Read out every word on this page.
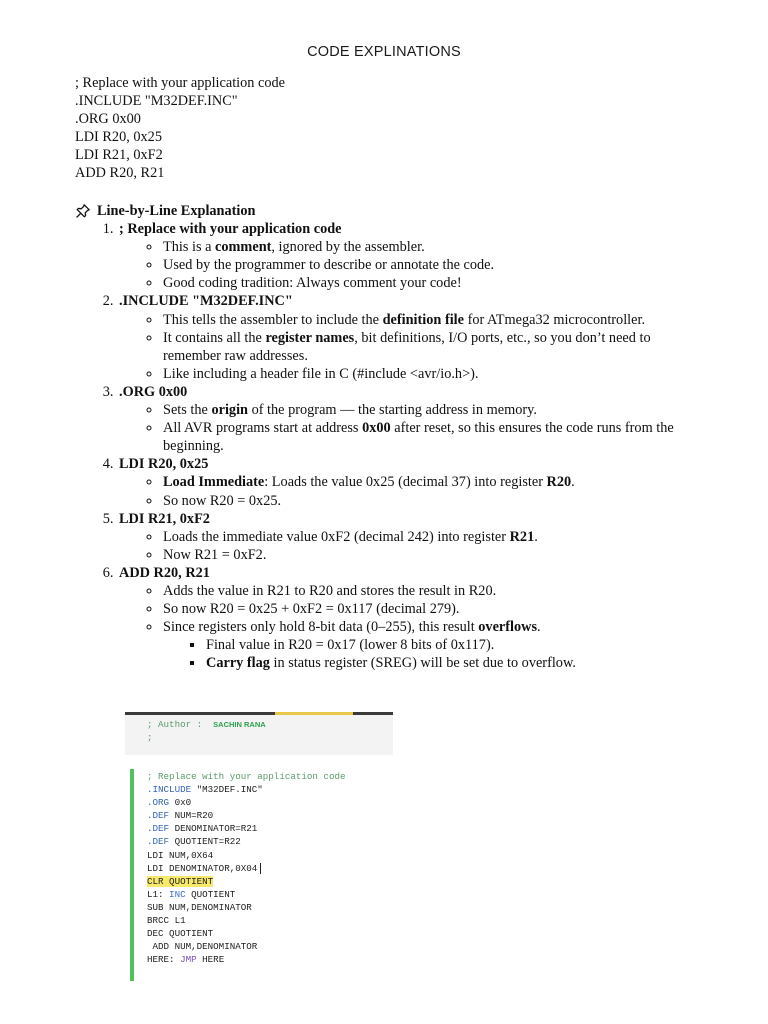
CODE EXPLINATIONS
; Replace with your application code
.INCLUDE "M32DEF.INC"
.ORG 0x00
LDI R20, 0x25
LDI R21, 0xF2
ADD R20, R21
Line-by-Line Explanation
1. ; Replace with your application code
◦ This is a comment, ignored by the assembler.
◦ Used by the programmer to describe or annotate the code.
◦ Good coding tradition: Always comment your code!
2. .INCLUDE "M32DEF.INC"
◦ This tells the assembler to include the definition file for ATmega32 microcontroller.
◦ It contains all the register names, bit definitions, I/O ports, etc., so you don’t need to remember raw addresses.
◦ Like including a header file in C (#include <avr/io.h>).
3. .ORG 0x00
◦ Sets the origin of the program — the starting address in memory.
◦ All AVR programs start at address 0x00 after reset, so this ensures the code runs from the beginning.
4. LDI R20, 0x25
◦ Load Immediate: Loads the value 0x25 (decimal 37) into register R20.
◦ So now R20 = 0x25.
5. LDI R21, 0xF2
◦ Loads the immediate value 0xF2 (decimal 242) into register R21.
◦ Now R21 = 0xF2.
6. ADD R20, R21
◦ Adds the value in R21 to R20 and stores the result in R20.
◦ So now R20 = 0x25 + 0xF2 = 0x117 (decimal 279).
◦ Since registers only hold 8-bit data (0–255), this result overflows.
▪ Final value in R20 = 0x17 (lower 8 bits of 0x117).
▪ Carry flag in status register (SREG) will be set due to overflow.
; Author : SACHIN RANA
;
; Replace with your application code
.INCLUDE "M32DEF.INC"
.ORG 0x0
.DEF NUM=R20
.DEF DENOMINATOR=R21
.DEF QUOTIENT=R22
LDI NUM,0X64
LDI DENOMINATOR,0X04
CLR QUOTIENT
L1: INC QUOTIENT
SUB NUM,DENOMINATOR
BRCC L1
DEC QUOTIENT
ADD NUM,DENOMINATOR
HERE: JMP HERE
